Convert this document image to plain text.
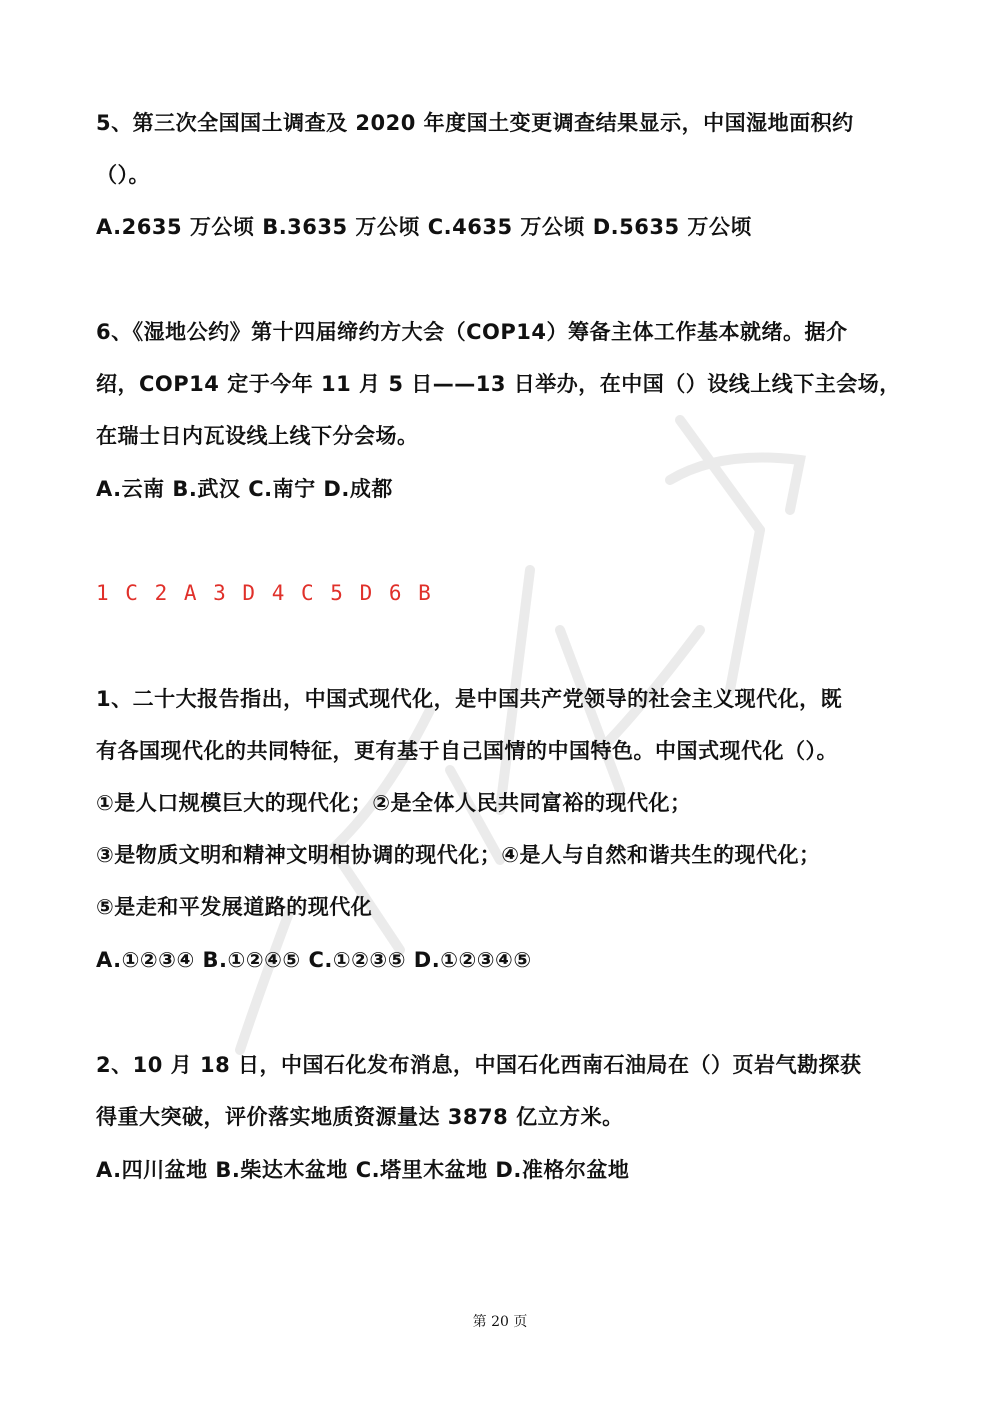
5、第三次全国国土调查及 2020 年度国土变更调查结果显示，中国湿地面积约
（）。
A.2635 万公顷 B.3635 万公顷 C.4635 万公顷 D.5635 万公顷
6、《湿地公约》第十四届缔约方大会（COP14）筹备主体工作基本就绪。据介
绍，COP14 定于今年 11 月 5 日——13 日举办，在中国（）设线上线下主会场，
在瑞士日内瓦设线上线下分会场。
A.云南 B.武汉 C.南宁 D.成都
1 C 2 A 3 D 4 C 5 D 6 B
1、二十大报告指出，中国式现代化，是中国共产党领导的社会主义现代化，既
有各国现代化的共同特征，更有基于自己国情的中国特色。中国式现代化（）。
①是人口规模巨大的现代化；②是全体人民共同富裕的现代化；
③是物质文明和精神文明相协调的现代化；④是人与自然和谐共生的现代化；
⑤是走和平发展道路的现代化
A.①②③④ B.①②④⑤ C.①②③⑤ D.①②③④⑤
2、10 月 18 日，中国石化发布消息，中国石化西南石油局在（）页岩气勘探获
得重大突破，评价落实地质资源量达 3878 亿立方米。
A.四川盆地 B.柴达木盆地 C.塔里木盆地 D.准格尔盆地
第 20 页
